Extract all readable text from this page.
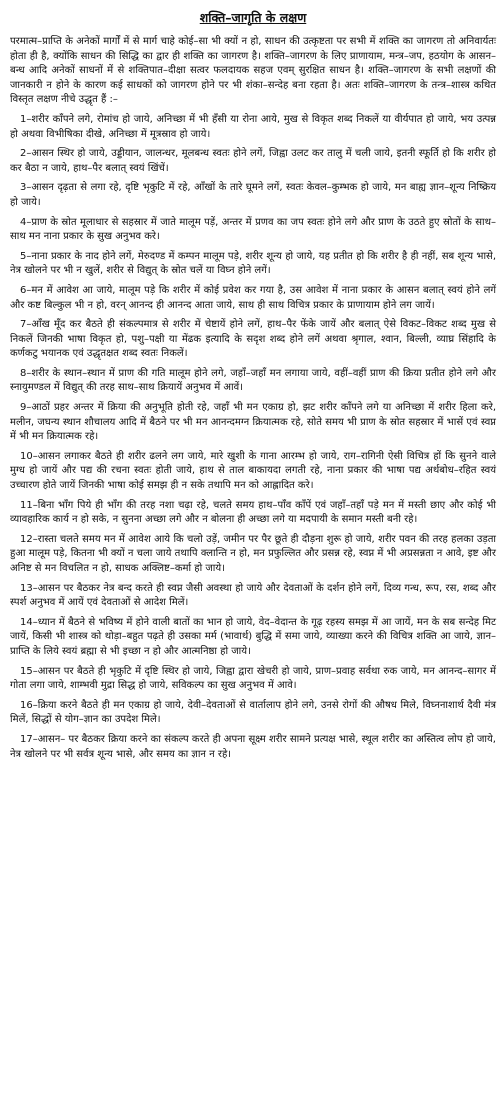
शक्ति–जागृति के लक्षण

परमात्म–प्राप्ति के अनेकों मार्गों में से मार्ग चाहे कोई–सा भी क्यों न हो, साधन की उत्कृष्टता पर सभी में शक्ति का जागरण तो अनिवार्यतः होता ही है, क्योंकि साधन की सिद्धि का द्वार ही शक्ति का जागरण है। शक्ति–जागरण के लिए प्राणायाम, मन्त्र–जप, हठयोग के आसन–बन्ध आदि अनेकों साधनों में से शक्तिपात–दीक्षा सत्वर फलदायक सहज एवम् सुरक्षित साधन है। शक्ति–जागरण के सभी लक्षणों की जानकारी न होने के कारण कई साधकों को जागरण होने पर भी शंका–सन्देह बना रहता है। अतः शक्ति–जागरण के तन्त्र–शास्त्र कथित विस्तृत लक्षण नीचे उद्धृत हैं :–

1–शरीर काँपने लगे, रोमांच हो जाये, अनिच्छा में भी हँसी या रोना आये, मुख से विकृत शब्द निकलें या वीर्यपात हो जाये, भय उत्पन्न हो अथवा विभीषिका दीखे, अनिच्छा में मूत्रस्राव हो जाये।

2–आसन स्थिर हो जाये, उड्डीयान, जालन्धर, मूलबन्ध स्वतः होने लगें, जिह्वा उलट कर तालु में चली जाये, इतनी स्फूर्ति हो कि शरीर हो कर बैठा न जाये, हाथ–पैर बलात् स्वयं खिंचें।

3–आसन दृढ़ता से लगा रहे, दृष्टि भृकुटि में रहे, आँखों के तारे घूमने लगें, स्वतः केवल–कुम्भक हो जाये, मन बाह्य ज्ञान–शून्य निष्क्रिय हो जाये।

4–प्राण के स्रोत मूलाधार से सहस्रार में जाते मालूम पड़ें, अन्तर में प्रणव का जप स्वतः होने लगे और प्राण के उठते हुए स्रोतों के साथ–साथ मन नाना प्रकार के सुख अनुभव करे।

5–नाना प्रकार के नाद होने लगें, मेरुदण्ड में कम्पन मालूम पड़े, शरीर शून्य हो जाये, यह प्रतीत हो कि शरीर है ही नहीं, सब शून्य भासे, नेत्र खोलने पर भी न खुलें, शरीर से विद्युत् के स्रोत चलें या विघ्न होने लगें।

6–मन में आवेश आ जाये, मालूम पड़े कि शरीर में कोई प्रवेश कर गया है, उस आवेश में नाना प्रकार के आसन बलात् स्वयं होने लगें और कष्ट बिल्कुल भी न हो, वरन् आनन्द ही आनन्द आता जाये, साथ ही साथ विचित्र प्रकार के प्राणायाम होने लग जायें।

7–आँख मूँद कर बैठते ही संकल्पमात्र से शरीर में चेष्टायें होने लगें, हाथ–पैर फेंके जायें और बलात् ऐसे विकट–विकट शब्द मुख से निकलें जिनकी भाषा विकृत हो, पशु–पक्षी या मेंढक इत्यादि के सदृश शब्द होने लगें अथवा श्रृगाल, श्वान, बिल्ली, व्याघ्र सिंहादि के कर्णकटु भयानक एवं उद्धृतक्षत शब्द स्वतः निकलें।

8–शरीर के स्थान–स्थान में प्राण की गति मालूम होने लगे, जहाँ–जहाँ मन लगाया जाये, वहीं–वहीं प्राण की क्रिया प्रतीत होने लगे और स्नायुमण्डल में विद्युत् की तरह साथ–साथ क्रियायें अनुभव में आवें।

9–आठों प्रहर अन्तर में क्रिया की अनुभूति होती रहे, जहाँ भी मन एकाग्र हो, झट शरीर काँपने लगे या अनिच्छा में शरीर हिला करे, मलीन, जघन्य स्थान शौचालय आदि में बैठने पर भी मन आनन्दमग्न क्रियात्मक रहे, सोते समय भी प्राण के स्रोत सहस्रार में भासें एवं स्वप्न में भी मन क्रियात्मक रहे।

10–आसन लगाकर बैठते ही शरीर ढलने लग जाये, मारे खुशी के गाना आरम्भ हो जाये, राग–रागिनी ऐसी विचित्र हों कि सुनने वाले मुग्ध हो जायें और पद्य की रचना स्वतः होती जाये, हाथ से ताल बाकायदा लगती रहे, नाना प्रकार की भाषा पद्य अर्थबोध–रहित स्वयं उच्चारण होते जायें जिनकी भाषा कोई समझ ही न सके तथापि मन को आह्लादित करे।

11–बिना भाँग पिये ही भाँग की तरह नशा चढ़ा रहे, चलते समय हाथ–पाँव काँपें एवं जहाँ–तहाँ पड़े मन में मस्ती छाए और कोई भी व्यावहारिक कार्य न हो सके, न सुनना अच्छा लगे और न बोलना ही अच्छा लगे या मदपायी के समान मस्ती बनी रहे।

12–रास्ता चलते समय मन में आवेश आये कि चलो उड़ें, जमीन पर पैर छूते ही दौड़ना शुरू हो जाये, शरीर पवन की तरह हलका उड़ता हुआ मालूम पड़े, कितना भी क्यों न चला जाये तथापि क्लान्ति न हो, मन प्रफुल्लित और प्रसन्न रहे, स्वप्न में भी अप्रसन्नता न आवे, इष्ट और अनिष्ट से मन विचलित न हो, साधक अक्लिष्ट–कर्मा हो जाये।

13–आसन पर बैठकर नेत्र बन्द करते ही स्वप्न जैसी अवस्था हो जाये और देवताओं के दर्शन होने लगें, दिव्य गन्ध, रूप, रस, शब्द और स्पर्श अनुभव में आयें एवं देवताओं से आदेश मिलें।

14–ध्यान में बैठने से भविष्य में होने वाली बातों का भान हो जाये, वेद–वेदान्त के गूढ़ रहस्य समझ में आ जायें, मन के सब सन्देह मिट जायें, किसी भी शास्त्र को थोड़ा–बहुत पढ़ते ही उसका मर्म (भावार्थ) बुद्धि में समा जाये, व्याख्या करने की विचित्र शक्ति आ जाये, ज्ञान–प्राप्ति के लिये स्वयं ब्रह्मा से भी इच्छा न हो और आत्मनिष्ठा हो जाये।

15–आसन पर बैठते ही भृकुटि में दृष्टि स्थिर हो जाये, जिह्वा द्वारा खेचरी हो जाये, प्राण–प्रवाह सर्वथा रुक जाये, मन आनन्द–सागर में गोता लगा जाये, शाम्भवी मुद्रा सिद्ध हो जाये, सविकल्प का सुख अनुभव में आवे।

16–क्रिया करने बैठते ही मन एकाग्र हो जाये, देवी–देवताओं से वार्तालाप होने लगे, उनसे रोगों की औषध मिले, विघ्ननाशार्थ दैवी मंत्र मिलें, सिद्धों से योग–ज्ञान का उपदेश मिले।

17–आसन– पर बैठकर क्रिया करने का संकल्प करते ही अपना सूक्ष्म शरीर सामने प्रत्यक्ष भासे, स्थूल शरीर का अस्तित्व लोप हो जाये, नेत्र खोलने पर भी सर्वत्र शून्य भासे, और समय का ज्ञान न रहे।
